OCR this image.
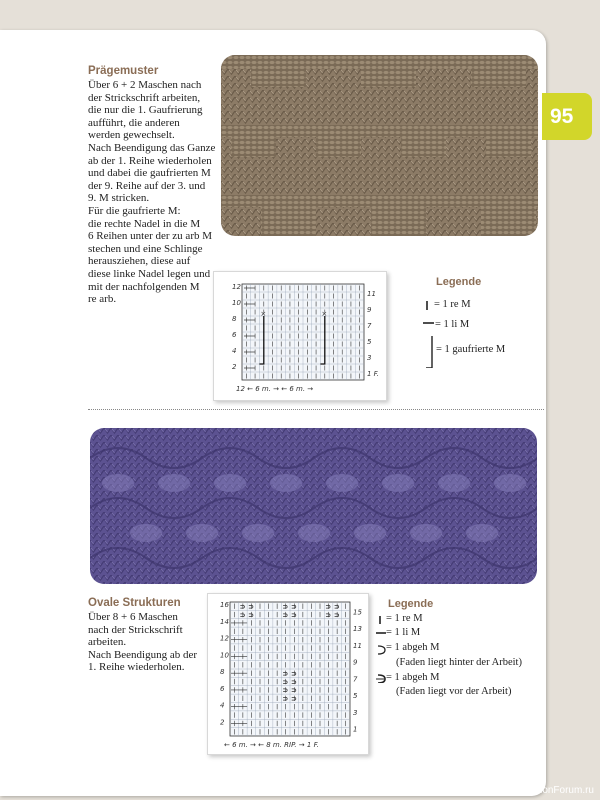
95
Prägemuster
Über 6 + 2 Maschen nach
der Strickschrift arbeiten,
die nur die 1. Gaufrierung
aufführt, die anderen
werden gewechselt.
Nach Beendigung das Ganze
ab der 1. Reihe wiederholen
und dabei die gaufrierten M
der 9. Reihe auf der 3. und
9. M stricken.
Für die gaufrierte M:
die rechte Nadel in die M
6 Reihen unter der zu arb M
stechen und eine Schlinge
herausziehen, diese auf
diese linke Nadel legen und
mit der nachfolgenden M
re arb.
×	×
12
10
8
6
4
2
11
9
7
5
3
1 F.
12 ← 6 m. → ← 6 m. →
Legende
= 1 re M
= 1 li M
= 1 gaufrierte M
Ovale Strukturen
Über 8 + 6 Maschen
nach der Strickschrift
arbeiten.
Nach Beendigung ab der
1. Reihe wiederholen.
⊃ ⊃	⊃ ⊃	⊃ ⊃
⊃ ⊃	⊃ ⊃	⊃ ⊃
⊃ ⊃
⊃ ⊃
⊃ ⊃
⊃ ⊃
16
14
12
10
8
6
4
2
15
13
11
9
7
5
3
1
← 6 m. → ← 8 m. RIP. → 1 F.
Legende
= 1 re M
= 1 li M
= 1 abgeh M
(Faden liegt hinter der Arbeit)
= 1 abgeh M
(Faden liegt vor der Arbeit)
PassionForum.ru
